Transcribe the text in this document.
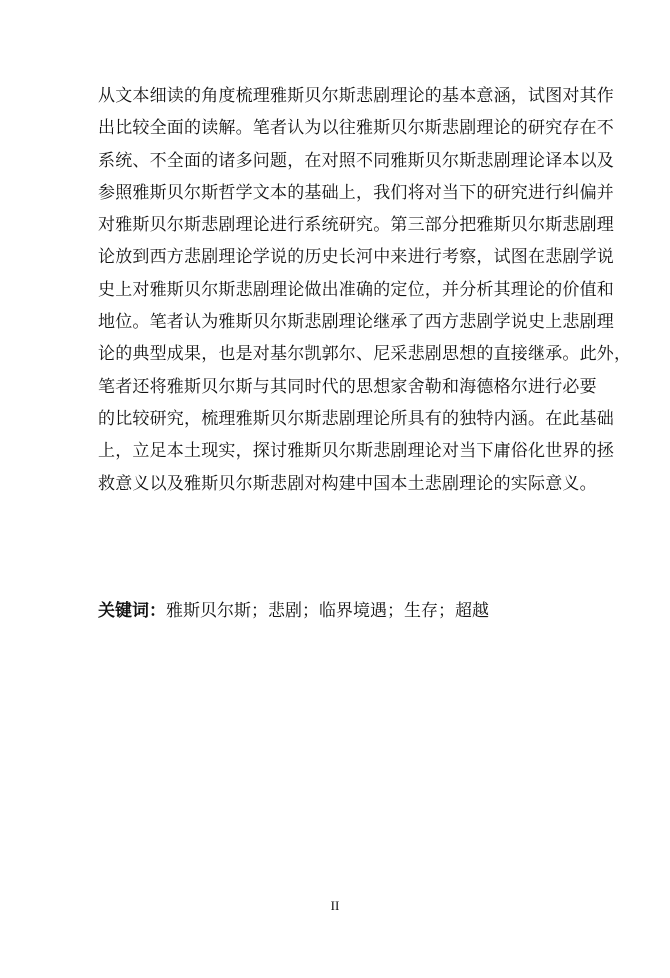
从文本细读的角度梳理雅斯贝尔斯悲剧理论的基本意涵，试图对其作
出比较全面的读解。笔者认为以往雅斯贝尔斯悲剧理论的研究存在不
系统、不全面的诸多问题，在对照不同雅斯贝尔斯悲剧理论译本以及
参照雅斯贝尔斯哲学文本的基础上，我们将对当下的研究进行纠偏并
对雅斯贝尔斯悲剧理论进行系统研究。第三部分把雅斯贝尔斯悲剧理
论放到西方悲剧理论学说的历史长河中来进行考察，试图在悲剧学说
史上对雅斯贝尔斯悲剧理论做出准确的定位，并分析其理论的价值和
地位。笔者认为雅斯贝尔斯悲剧理论继承了西方悲剧学说史上悲剧理
论的典型成果，也是对基尔凯郭尔、尼采悲剧思想的直接继承。此外，
笔者还将雅斯贝尔斯与其同时代的思想家舍勒和海德格尔进行必要
的比较研究，梳理雅斯贝尔斯悲剧理论所具有的独特内涵。在此基础
上，立足本土现实，探讨雅斯贝尔斯悲剧理论对当下庸俗化世界的拯
救意义以及雅斯贝尔斯悲剧对构建中国本土悲剧理论的实际意义。
关键词：雅斯贝尔斯；悲剧；临界境遇；生存；超越
II
